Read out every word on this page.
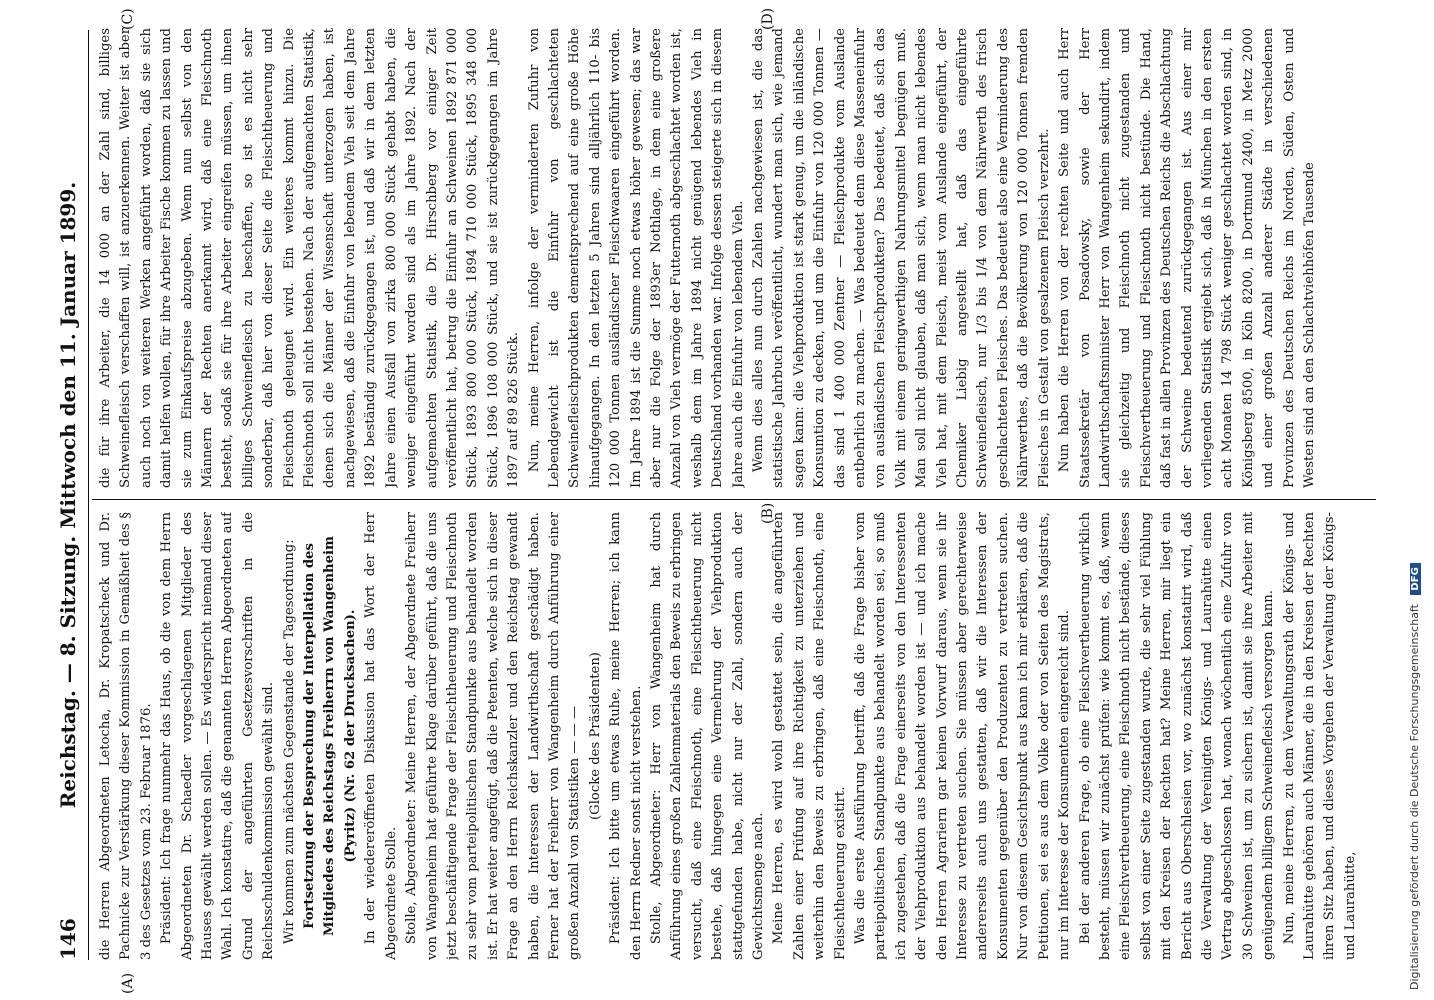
146
Reichstag. — 8. Sitzung. Mittwoch den 11. Januar 1899.
(A)
(B)
(C)	(D)

die Herren Abgeordneten Letocha, Dr. Kropatscheck und Dr. Pachnicke zur Verstärkung dieser Kommission in Gemäßheit des § 3 des Gesetzes vom 23. Februar 1876. Präsident: Ich frage nunmehr das Haus, ob die von dem Herrn Abgeordneten Dr. Schaedler vorgeschlagenen Mitglieder des Hauses gewählt werden sollen. — Es widerspricht niemand dieser Wahl. Ich konstatire, daß die genannten Herren Abgeordneten auf Grund der angeführten Gesetzesvorschriften in die Reichsschuldenkommission gewählt sind. Wir kommen zum nächsten Gegenstande der Tagesordnung: Fortsetzung der Besprechung der Interpellation des Mitgliedes des Reichstags Freiherrn von Wangenheim (Pyritz) (Nr. 62 der Drucksachen). In der wiedereröffneten Diskussion hat das Wort der Herr Abgeordnete Stolle. Stolle, Abgeordneter: Meine Herren, der Abgeordnete Freiherr von Wangenheim hat geführte Klage darüber geführt, daß die uns jetzt beschäftigende Frage der Fleischtheuerung und Fleischnoth zu sehr vom parteipolitischen Standpunkte aus behandelt worden ist. Er hat weiter angefügt, daß die Petenten, welche sich in dieser Frage an den Herrn Reichskanzler und den Reichstag gewandt haben, die Interessen der Landwirthschaft geschädigt haben. Ferner hat der Freiherr von Wangenheim durch Anführung einer großen Anzahl von Statistiken — — — (Glocke des Präsidenten) Präsident: Ich bitte um etwas Ruhe, meine Herren; ich kann den Herrn Redner sonst nicht verstehen. Stolle, Abgeordneter: Herr von Wangenheim hat durch Anführung eines großen Zahlenmaterials den Beweis zu erbringen versucht, daß eine Fleischnoth, eine Fleischtheuerung nicht bestehe, daß hingegen eine Vermehrung der Viehproduktion stattgefunden habe, nicht nur der Zahl, sondern auch der Gewichtsmenge nach. Meine Herren, es wird wohl gestattet sein, die angeführten Zahlen einer Prüfung auf ihre Richtigkeit zu unterziehen und weiterhin den Beweis zu erbringen, daß eine Fleischnoth, eine Fleischtheuerung existirt. Was die erste Ausführung betrifft, daß die Frage bisher vom parteipolitischen Standpunkte aus behandelt worden sei, so muß ich zugestehen, daß die Frage einerseits von den Interessenten der Viehproduktion aus behandelt worden ist — und ich mache den Herren Agrariern gar keinen Vorwurf daraus, wenn sie ihr Interesse zu vertreten suchen. Sie müssen aber gerechterweise andererseits auch uns gestatten, daß wir die Interessen der Konsumenten gegenüber den Produzenten zu vertreten suchen. Nur von diesem Gesichtspunkt aus kann ich mir erklären, daß die Petitionen, sei es aus dem Volke oder von Seiten des Magistrats, nur im Interesse der Konsumenten eingereicht sind. Bei der anderen Frage, ob eine Fleischvertheuerung wirklich besteht, müssen wir zunächst prüfen: wie kommt es, daß, wenn eine Fleischvertheuerung, eine Fleischnoth nicht bestände, dieses selbst von einer Seite zugestanden wurde, die sehr viel Fühlung mit den Kreisen der Rechten hat? Meine Herren, mir liegt ein Bericht aus Oberschlesien vor, wo zunächst konstatirt wird, daß die Verwaltung der Vereinigten Königs- und Laurahütte einen Vertrag abgeschlossen hat, wonach wöchentlich eine Zufuhr von 30 Schweinen ist, um zu sichern ist, damit sie ihre Arbeiter mit genügendem billigem Schweinefleisch versorgen kann. Nun, meine Herren, zu dem Verwaltungsrath der Königs- und Laurahütte gehören auch Männer, die in den Kreisen der Rechten ihren Sitz haben, und dieses Vorgehen der Verwaltung der Königs- und Laurahütte,

die für ihre Arbeiter, die 14 000 an der Zahl sind, billiges Schweinefleisch verschaffen will, ist anzuerkennen. Weiter ist aber auch noch von weiteren Werken angeführt worden, daß sie sich damit helfen wollen, für ihre Arbeiter Fische kommen zu lassen und sie zum Einkaufspreise abzugeben. Wenn nun selbst von den Männern der Rechten anerkannt wird, daß eine Fleischnoth besteht, sodaß sie für ihre Arbeiter eingreifen müssen, um ihnen billiges Schweinefleisch zu beschaffen, so ist es nicht sehr sonderbar, daß hier von dieser Seite die Fleischtheuerung und Fleischnoth geleugnet wird. Ein weiteres kommt hinzu. Die Fleischnoth soll nicht bestehen. Nach der aufgemachten Statistik, denen sich die Männer der Wissenschaft unterzogen haben, ist nachgewiesen, daß die Einfuhr von lebendem Vieh seit dem Jahre 1892 beständig zurückgegangen ist, und daß wir in dem letzten Jahre einen Ausfall von zirka 800 000 Stück gehabt haben, die weniger eingeführt worden sind als im Jahre 1892. Nach der aufgemachten Statistik, die Dr. Hirschberg vor einiger Zeit veröffentlicht hat, betrug die Einfuhr an Schweinen 1892 871 000 Stück, 1893 800 000 Stück, 1894 710 000 Stück, 1895 348 000 Stück, 1896 108 000 Stück, und sie ist zurückgegangen im Jahre 1897 auf 89 826 Stück. Nun, meine Herren, infolge der verminderten Zufuhr von Lebendgewicht ist die Einfuhr von geschlachteten Schweinefleischprodukten dementsprechend auf eine große Höhe hinaufgegangen. In den letzten 5 Jahren sind alljährlich 110- bis 120 000 Tonnen ausländischer Fleischwaaren eingeführt worden. Im Jahre 1894 ist die Summe noch etwas höher gewesen; das war aber nur die Folge der 1893er Nothlage, in dem eine großere Anzahl von Vieh vermöge der Futternoth abgeschlachtet worden ist, weshalb dem im Jahre 1894 nicht genügend lebendes Vieh in Deutschland vorhanden war. Infolge dessen steigerte sich in diesem Jahre auch die Einfuhr von lebendem Vieh. Wenn dies alles nun durch Zahlen nachgewiesen ist, die das statistische Jahrbuch veröffentlicht, wundert man sich, wie jemand sagen kann: die Viehproduktion ist stark genug, um die inländische Konsumtion zu decken, und um die Einfuhr von 120 000 Tonnen — das sind 1 400 000 Zentner — Fleischprodukte vom Auslande entbehrlich zu machen. — Was bedeutet denn diese Masseneinfuhr von ausländischen Fleischprodukten? Das bedeutet, daß sich das Volk mit einem geringwerthigen Nahrungsmittel begnügen muß. Man soll nicht glauben, daß man sich, wenn man nicht lebendes Vieh hat, mit dem Fleisch, meist vom Auslande eingeführt, der Chemiker Liebig angestellt hat, daß das eingeführte Schweinefleisch, nur 1/3 bis 1/4 von dem Nährwerth des frisch geschlachteten Fleisches. Das bedeutet also eine Verminderung des Nährwerthes, daß die Bevölkerung von 120 000 Tonnen fremden Fleisches in Gestalt von gesalzenem Fleisch verzehrt. Nun haben die Herren von der rechten Seite und auch Herr Staatssekretär von Posadowsky, sowie der Herr Landwirthschaftsminister Herr von Wangenheim sekundirt, indem sie gleichzeitig und Fleischnoth nicht zugestanden und Fleischvertheuerung und Fleischnoth nicht bestünde. Die Hand, daß fast in allen Provinzen des Deutschen Reichs die Abschlachtung der Schweine bedeutend zurückgegangen ist. Aus einer mir vorliegenden Statistik ergiebt sich, daß in München in den ersten acht Monaten 14 798 Stück weniger geschlachtet worden sind, in Königsberg 8500, in Köln 8200, in Dortmund 2400, in Metz 2000 und einer großen Anzahl anderer Städte in verschiedenen Provinzen des Deutschen Reichs im Norden, Süden, Osten und Westen sind an den Schlachtviehhöfen Tausende

Digitalisierung gefördert durch die Deutsche Forschungsgemeinschaft DFG
